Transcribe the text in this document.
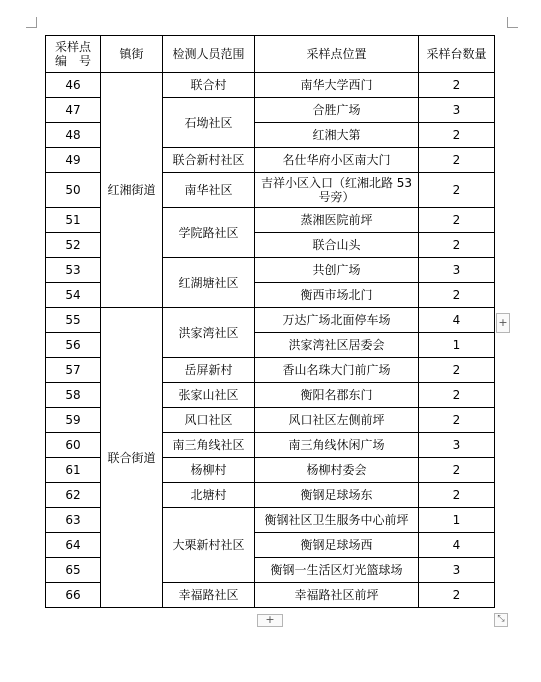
采样点
编　号	镇街	检测人员范围	采样点位置	采样台数量
46	红湘街道	联合村	南华大学西门	2
47		石坳社区	合胜广场	3
48			红湘大第	2
49		联合新村社区	名仕华府小区南大门	2
50		南华社区	吉祥小区入口（红湘北路 53 号旁）	2
51		学院路社区	蒸湘医院前坪	2
52			联合山头	2
53		红湖塘社区	共创广场	3
54			衡西市场北门	2
55	联合街道	洪家湾社区	万达广场北面停车场	4
56			洪家湾社区居委会	1
57		岳屏新村	香山名珠大门前广场	2
58		张家山社区	衡阳名郡东门	2
59		风口社区	风口社区左侧前坪	2
60		南三角线社区	南三角线休闲广场	3
61		杨柳村	杨柳村委会	2
62		北塘村	衡钢足球场东	2
63		大栗新村社区	衡钢社区卫生服务中心前坪	1
64			衡钢足球场西	4
65			衡钢一生活区灯光篮球场	3
66		幸福路社区	幸福路社区前坪	2
+
+	⤡
